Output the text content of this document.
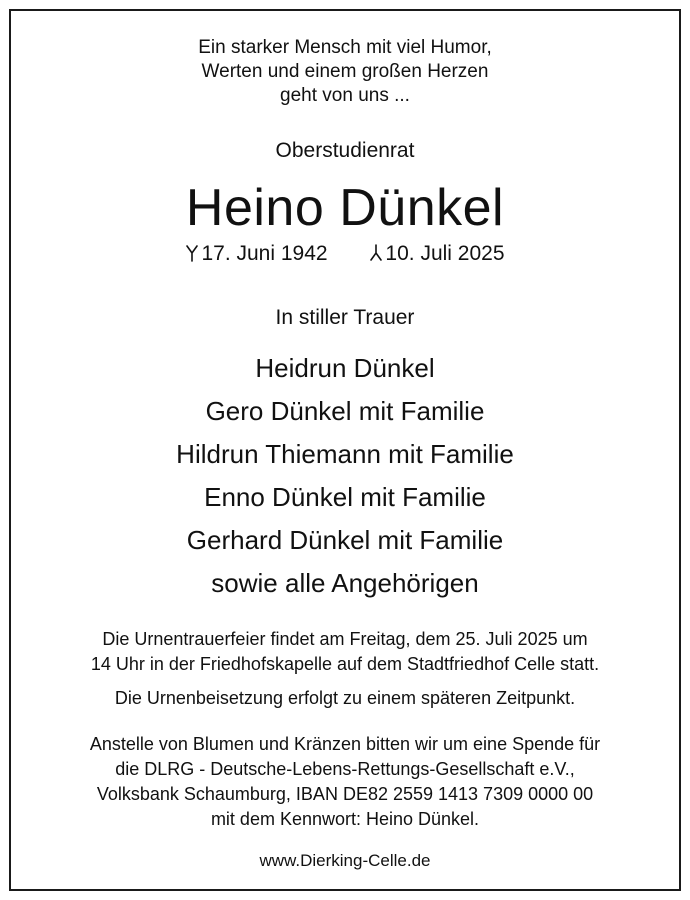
Ein starker Mensch mit viel Humor,
Werten und einem großen Herzen
geht von uns ...
Oberstudienrat
Heino Dünkel
17. Juni 1942	10. Juli 2025
In stiller Trauer
Heidrun Dünkel
Gero Dünkel mit Familie
Hildrun Thiemann mit Familie
Enno Dünkel mit Familie
Gerhard Dünkel mit Familie
sowie alle Angehörigen
Die Urnentrauerfeier findet am Freitag, dem 25. Juli 2025 um
14 Uhr in der Friedhofskapelle auf dem Stadtfriedhof Celle statt.
Die Urnenbeisetzung erfolgt zu einem späteren Zeitpunkt.
Anstelle von Blumen und Kränzen bitten wir um eine Spende für
die DLRG - Deutsche-Lebens-Rettungs-Gesellschaft e.V.,
Volksbank Schaumburg, IBAN DE82 2559 1413 7309 0000 00
mit dem Kennwort: Heino Dünkel.
www.Dierking-Celle.de
